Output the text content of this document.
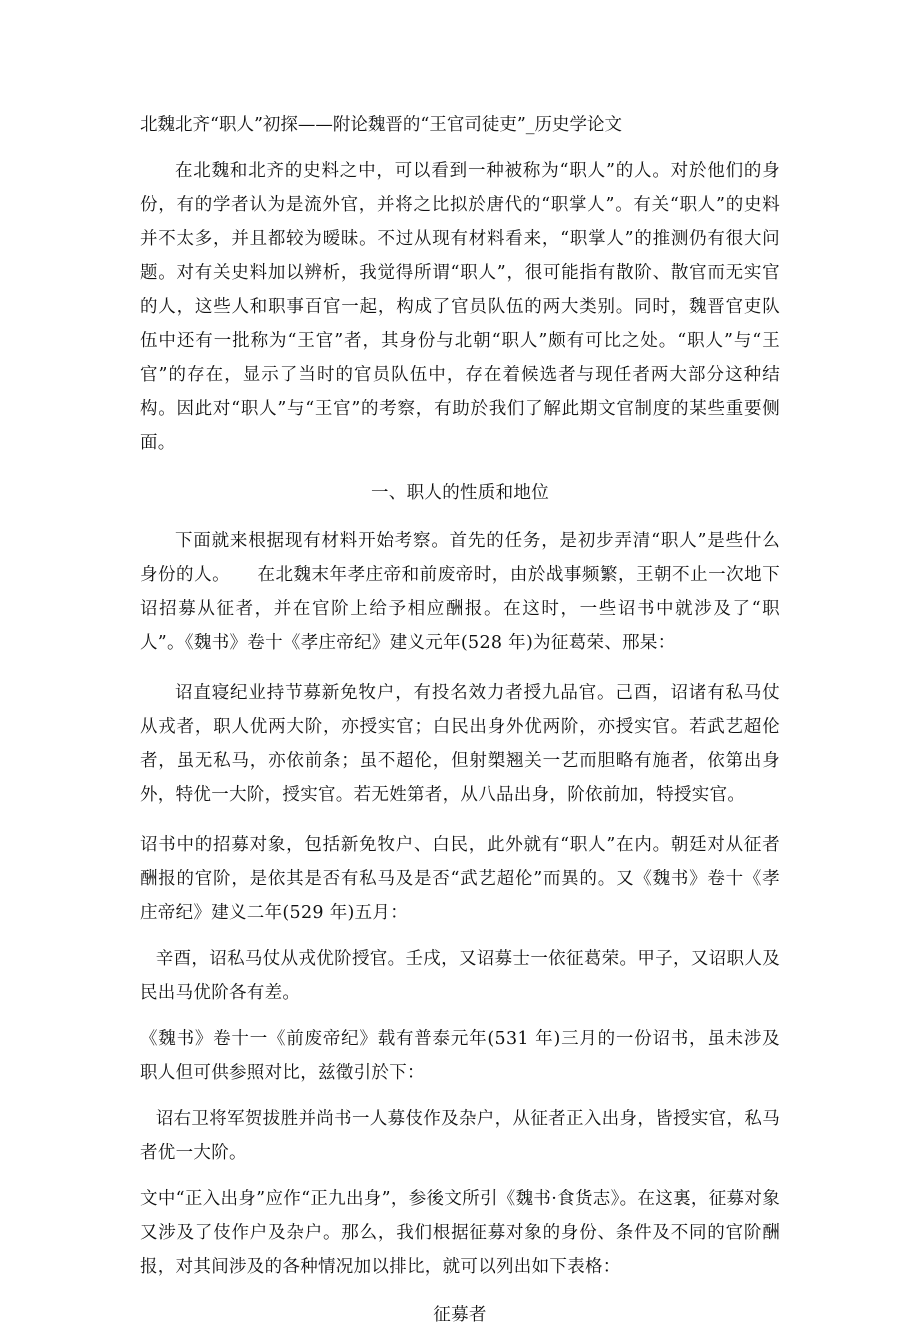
北魏北齐“职人”初探——附论魏晋的“王官司徒吏”_历史学论文

在北魏和北齐的史料之中，可以看到一种被称为“职人”的人。对於他们的身份，有的学者认为是流外官，并将之比拟於唐代的“职掌人”。有关“职人”的史料并不太多，并且都较为暧昧。不过从现有材料看来，“职掌人”的推测仍有很大问题。对有关史料加以辨析，我觉得所谓“职人”，很可能指有散阶、散官而无实官的人，这些人和职事百官一起，构成了官员队伍的两大类别。同时，魏晋官吏队伍中还有一批称为“王官”者，其身份与北朝“职人”颇有可比之处。“职人”与“王官”的存在，显示了当时的官员队伍中，存在着候选者与现任者两大部分这种结构。因此对“职人”与“王官”的考察，有助於我们了解此期文官制度的某些重要侧面。

一、职人的性质和地位

下面就来根据现有材料开始考察。首先的任务，是初步弄清“职人”是些什么身份的人。　　在北魏末年孝庄帝和前废帝时，由於战事频繁，王朝不止一次地下诏招募从征者，并在官阶上给予相应酬报。在这时，一些诏书中就涉及了“职人”。《魏书》卷十《孝庄帝纪》建义元年(528 年)为征葛荣、邢杲：

诏直寝纪业持节募新免牧户，有投名效力者授九品官。己酉，诏诸有私马仗从戎者，职人优两大阶，亦授实官；白民出身外优两阶，亦授实官。若武艺超伦者，虽无私马，亦依前条；虽不超伦，但射槊翘关一艺而胆略有施者，依第出身外，特优一大阶，授实官。若无姓第者，从八品出身，阶依前加，特授实官。

诏书中的招募对象，包括新免牧户、白民，此外就有“职人”在内。朝廷对从征者酬报的官阶，是依其是否有私马及是否“武艺超伦”而異的。又《魏书》卷十《孝庄帝纪》建义二年(529 年)五月：

辛酉，诏私马仗从戎优阶授官。壬戌，又诏募士一依征葛荣。甲子，又诏职人及民出马优阶各有差。

《魏书》卷十一《前废帝纪》载有普泰元年(531 年)三月的一份诏书，虽未涉及职人但可供参照对比，兹徵引於下：

诏右卫将军贺拔胜并尚书一人募伎作及杂户，从征者正入出身，皆授实官，私马者优一大阶。

文中“正入出身”应作“正九出身”，参後文所引《魏书·食货志》。在这裏，征募对象又涉及了伎作户及杂户。那么，我们根据征募对象的身份、条件及不同的官阶酬报，对其间涉及的各种情况加以排比，就可以列出如下表格：

征募者
